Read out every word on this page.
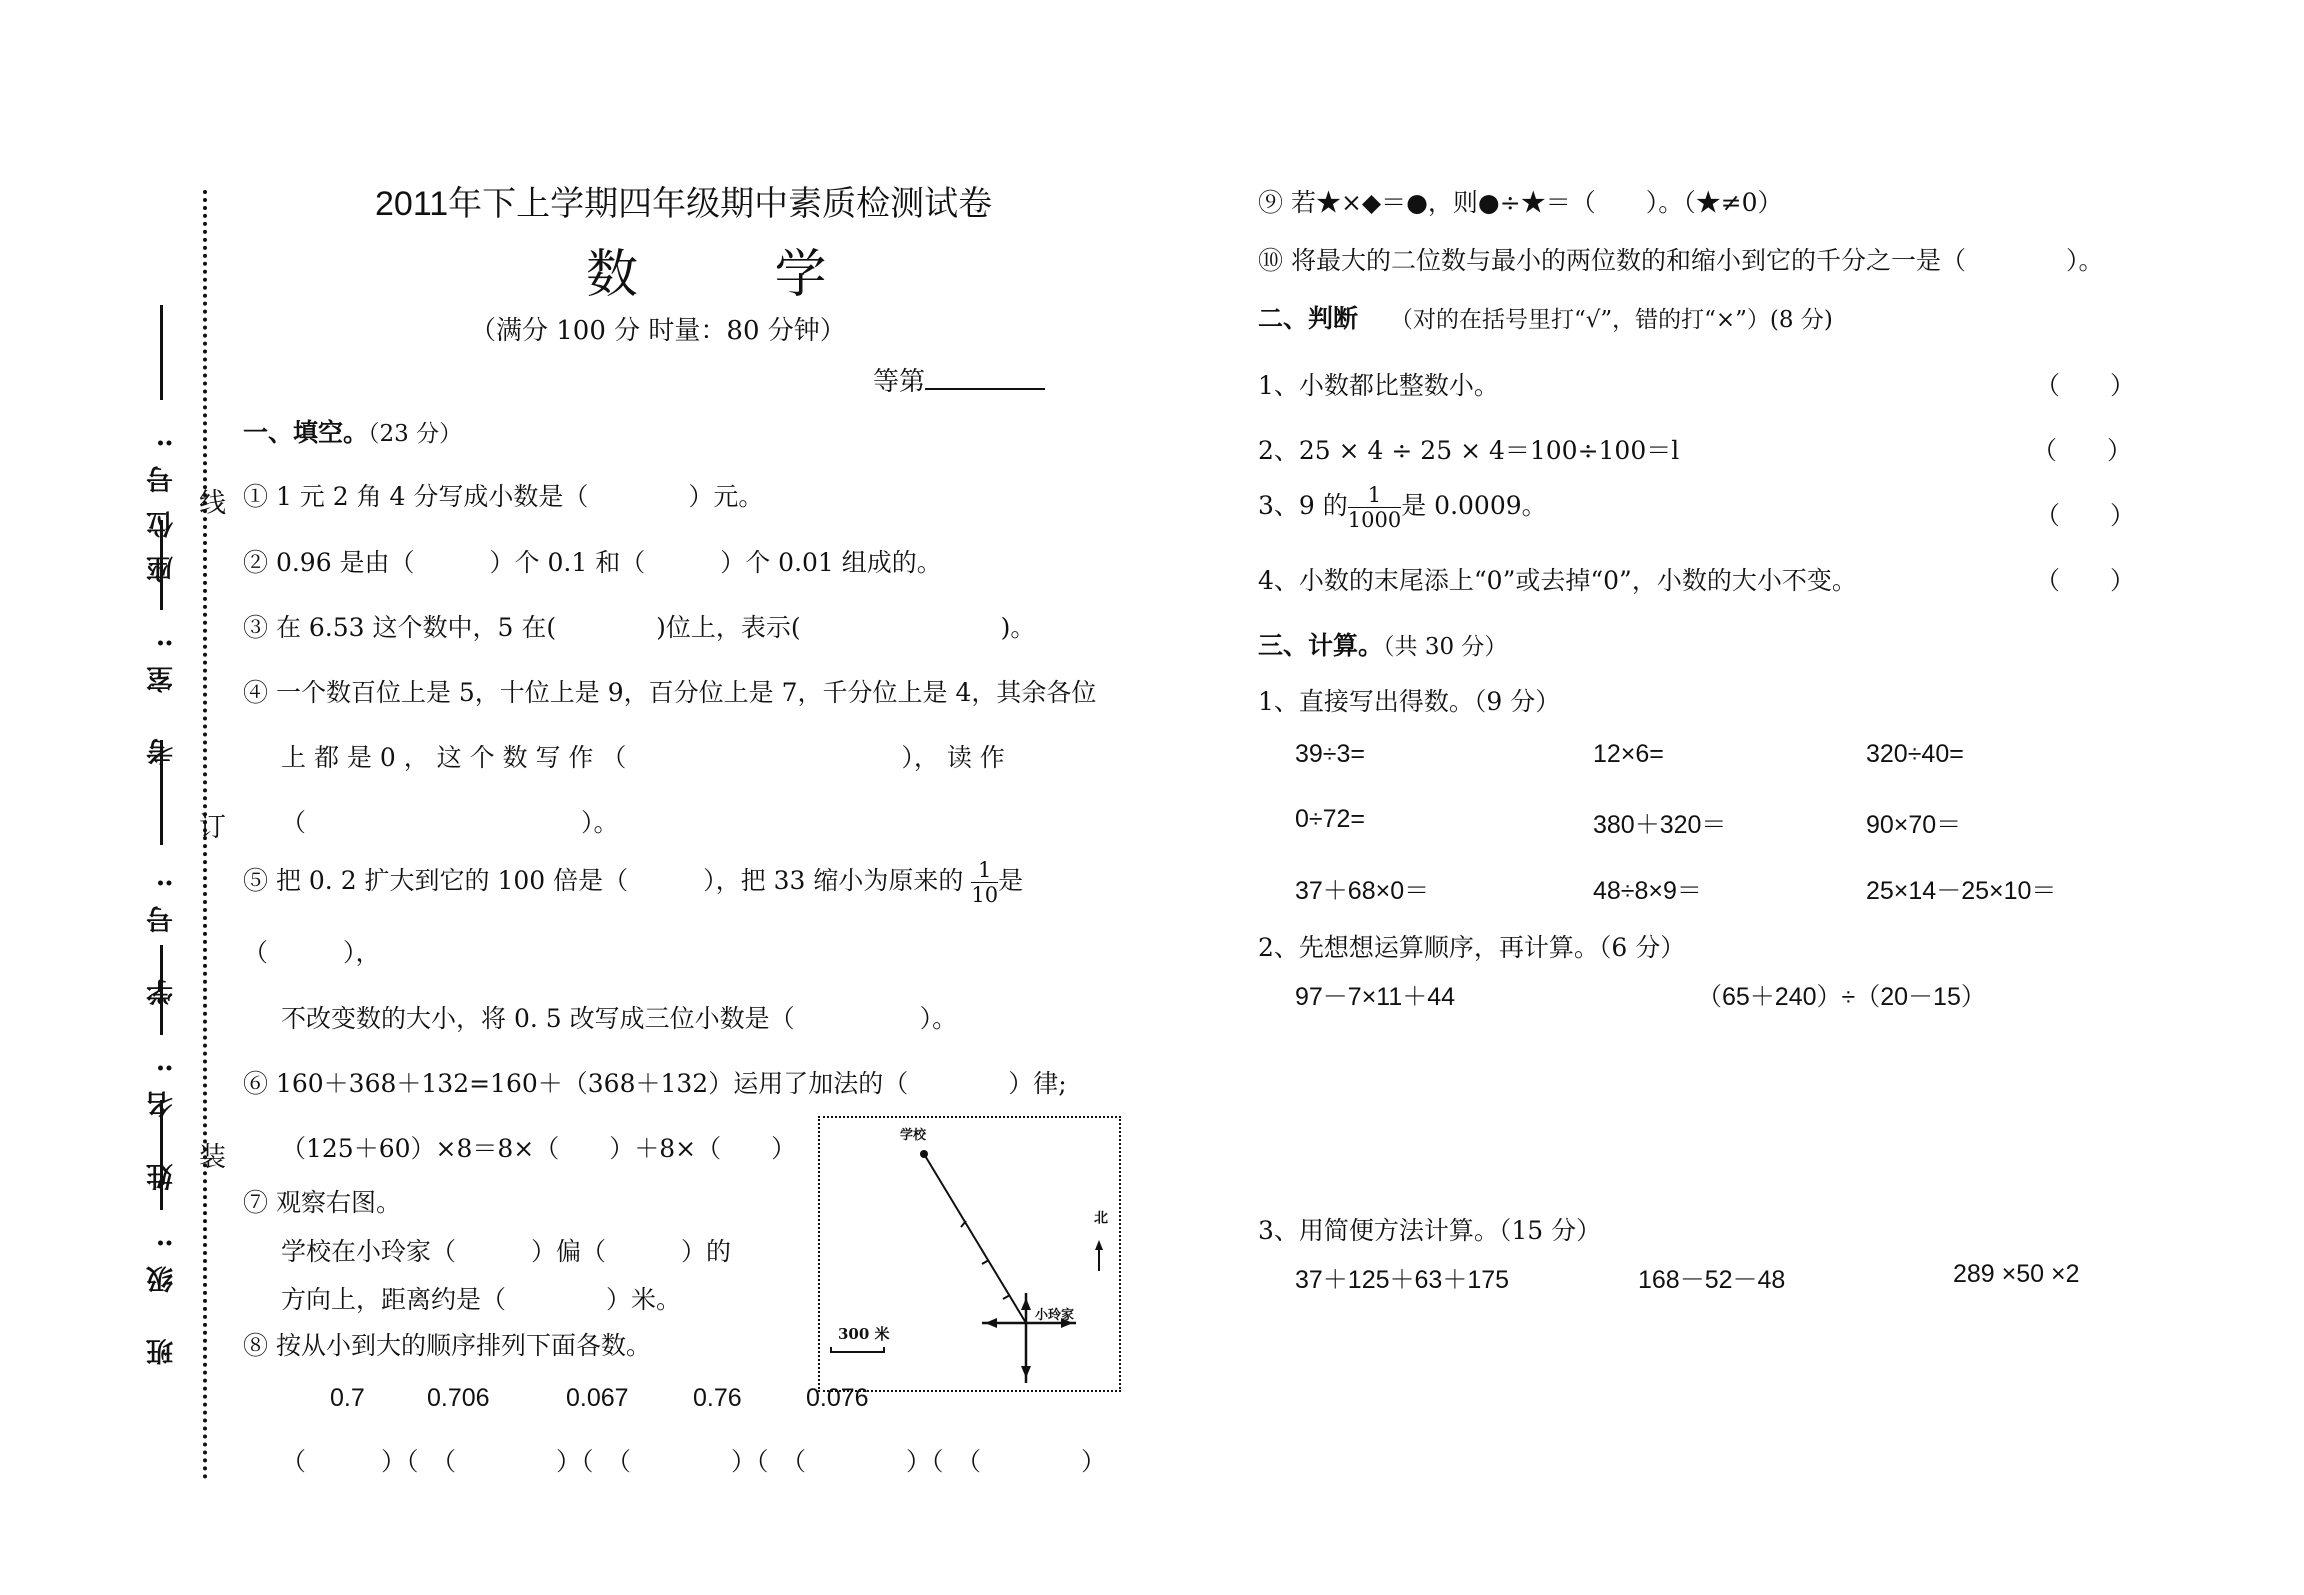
班 级:
姓 名:
学 号:
考 室:
座位号:
装
订
线
2011年下上学期四年级期中素质检测试卷
数 学
（满分 100 分 时量：80 分钟）
等第
一、填空。（23 分）
① 1 元 2 角 4 分写成小数是（　　　　）元。
② 0.96 是由（　　　）个 0.1 和（　　　）个 0.01 组成的。
③ 在 6.53 这个数中，5 在(　　　　)位上，表示(　　　　　　　　)。
④ 一个数百位上是 5，十位上是 9，百分位上是 7，千分位上是 4，其余各位
上 都 是 0 ， 这 个 数 写 作 （　　　　　　　　　　　）， 读 作
（　　　　　　　　　　　）。
⑤ 把 0. 2 扩大到它的 100 倍是（　　　），把 33 缩小为原来的 $\frac{1}{10}$ 是
（　　　），
不改变数的大小，将 0. 5 改写成三位小数是（　　　　　）。
⑥ 160＋368＋132=160＋（368＋132）运用了加法的（　　　　）律;
（125＋60）×8＝8×（　　）＋8×（　　）
⑦ 观察右图。
学校在小玲家（　　　）偏（　　　）的
方向上，距离约是（　　　　）米。
⑧ 按从小到大的顺序排列下面各数。
0.7 0.706	0.067	0.76	0.076
（　　　）（　（　　　　）（　（　　　　）（　（　　　　）（　（　　　　）
学校
小玲家
北
300 米
⑨ 若★×◆＝●，则●÷★＝（　　）。（★≠0）
⑩ 将最大的二位数与最小的两位数的和缩小到它的千分之一是（　　　　）。
二、判断 （对的在括号里打“√”，错的打“×”）(8 分)
1、小数都比整数小。	（　　）
2、25 × 4 ÷ 25 × 4＝100÷100＝l	（　　）
3、9 的 $\frac{1}{1000}$ 是 0.0009。	（　　）
4、小数的末尾添上“0”或去掉“0”，小数的大小不变。	（　　）
三、计算。（共 30 分）
1、直接写出得数。（9 分）
39÷3=	12×6=	320÷40=
0÷72=	380＋320＝	90×70＝
37＋68×0＝	48÷8×9＝	25×14－25×10＝
2、先想想运算顺序，再计算。（6 分）
97－7×11＋44	（65＋240）÷（20－15）
3、用简便方法计算。（15 分）
37＋125＋63＋175	168－52－48	289 ×50 ×2
